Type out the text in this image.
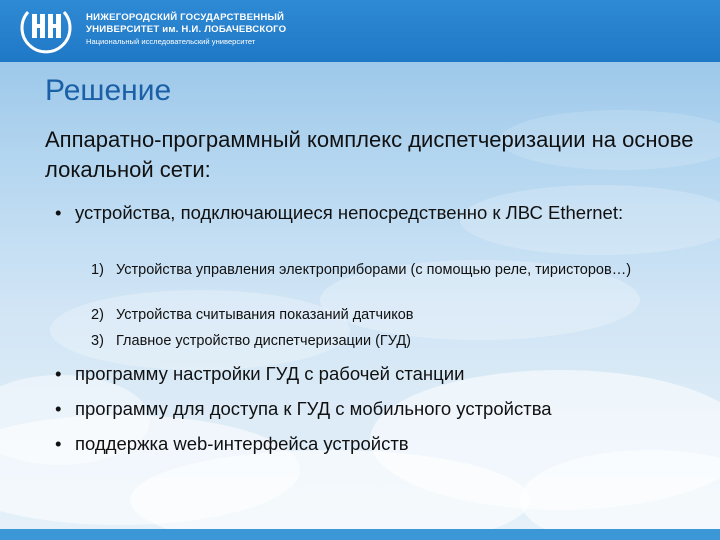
НИЖЕГОРОДСКИЙ ГОСУДАРСТВЕННЫЙ
УНИВЕРСИТЕТ им. Н.И. ЛОБАЧЕВСКОГО
Национальный исследовательский университет
Решение
Аппаратно-программный комплекс диспетчеризации на основе локальной сети:
• устройства, подключающиеся непосредственно к ЛВС Ethernet:
1) Устройства управления электроприборами (с помощью реле, тиристоров…)
2) Устройства считывания показаний датчиков
3) Главное устройство диспетчеризации (ГУД)
• программу настройки ГУД с рабочей станции
• программу для доступа к ГУД с мобильного устройства
• поддержка web-интерфейса устройств
